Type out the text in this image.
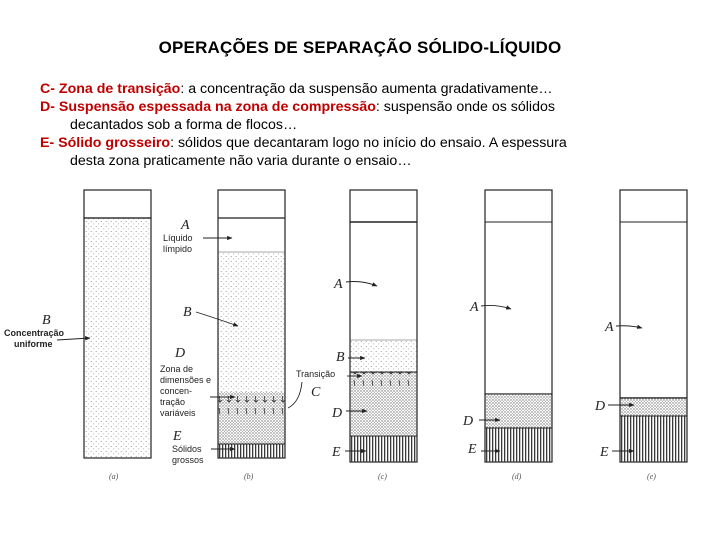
OPERAÇÕES DE SEPARAÇÃO SÓLIDO-LÍQUIDO

C- Zona de transição: a concentração da suspensão aumenta gradativamente…

D- Suspensão espessada na zona de compressão: suspensão onde os sólidos

decantados sob a forma de flocos…

E- Sólido grosseiro: sólidos que decantaram logo no início do ensaio. A espessura

desta zona praticamente não varia durante o ensaio…

A
Líquido
límpido
B
B
Concentração
uniforme
D
Zona de
dimensões e
concen-
tração
variáveis
E
Sólidos
grossos
A
B
Transição
C
D
E
A
D
E
A
D
E
(a)	(b)	(c)	(d)	(e)
